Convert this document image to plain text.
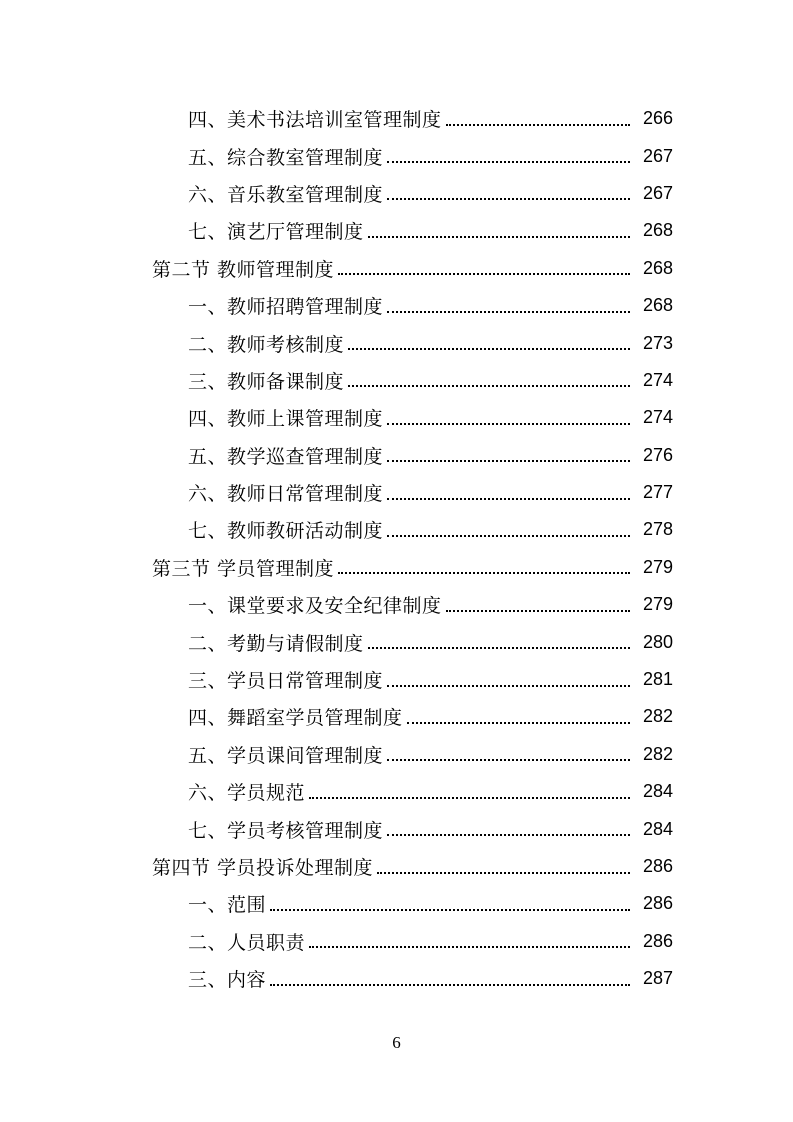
四、美术书法培训室管理制度	266
五、综合教室管理制度	267
六、音乐教室管理制度	267
七、演艺厅管理制度	268
第二节 教师管理制度	268
一、教师招聘管理制度	268
二、教师考核制度	273
三、教师备课制度	274
四、教师上课管理制度	274
五、教学巡查管理制度	276
六、教师日常管理制度	277
七、教师教研活动制度	278
第三节 学员管理制度	279
一、课堂要求及安全纪律制度	279
二、考勤与请假制度	280
三、学员日常管理制度	281
四、舞蹈室学员管理制度	282
五、学员课间管理制度	282
六、学员规范	284
七、学员考核管理制度	284
第四节 学员投诉处理制度	286
一、范围	286
二、人员职责	286
三、内容	287
6
